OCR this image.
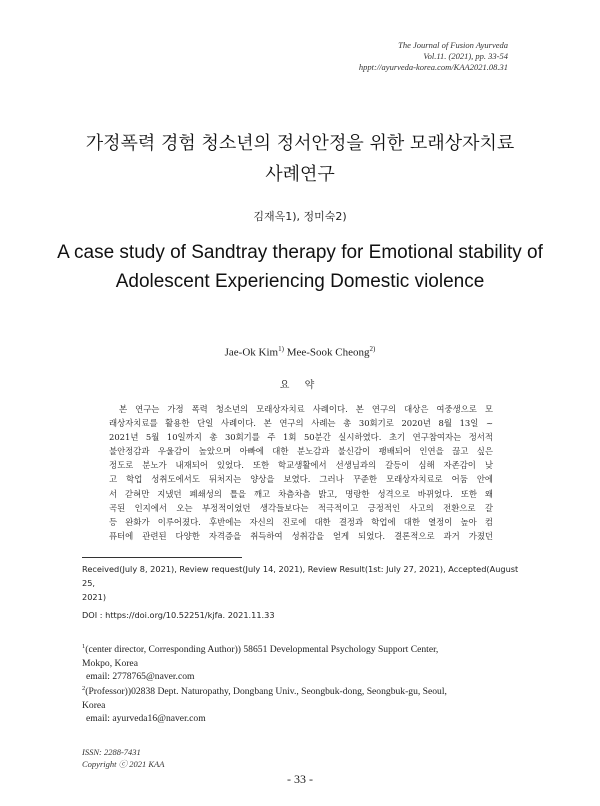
The Journal of Fusion Ayurveda
Vol.11. (2021), pp. 33-54
hppt://ayurveda-korea.com/KAA2021.08.31
가정폭력 경험 청소년의 정서안정을 위한 모래상자치료
사례연구
김재옥1), 정미숙2)
A case study of Sandtray therapy for Emotional stability of
Adolescent Experiencing Domestic violence
Jae-Ok Kim$^{1)}$ Mee-Sook Cheong$^{2)}$
요 약
본 연구는 가정 폭력 청소년의 모래상자치료 사례이다. 본 연구의 대상은 여중생으로 모
래상자치료를 활용한 단일 사례이다. 본 연구의 사례는 총 30회기로 2020년 8월 13일 ~
2021년 5월 10일까지 총 30회기를 주 1회 50분간 실시하였다. 초기 연구참여자는 정서적
불안정감과 우울감이 높았으며 아빠에 대한 분노감과 불신감이 팽배되어 인연을 끊고 싶은
정도로 분노가 내재되어 있었다. 또한 학교생활에서 선생님과의 갈등이 심해 자존감이 낮
고 학업 성취도에서도 뒤처지는 양상을 보였다. 그러나 꾸준한 모래상자치료로 어둠 안에
서 갇혀만 지냈던 폐쇄성의 틀을 깨고 차츰차츰 밝고, 명랑한 성격으로 바뀌었다. 또한 왜
곡된 인지에서 오는 부정적이었던 생각들보다는 적극적이고 긍정적인 사고의 전환으로 갈
등 완화가 이루어졌다. 후반에는 자신의 진로에 대한 결정과 학업에 대한 열정이 높아 컴
퓨터에 관련된 다양한 자격증을 취득하여 성취감을 얻게 되었다. 결론적으로 과거 가졌던
Received(July 8, 2021), Review request(July 14, 2021), Review Result(1st: July 27, 2021), Accepted(August 25,
2021)
DOI : https://doi.org/10.52251/kjfa. 2021.11.33
$^1$(center director, Corresponding Author)) 58651 Developmental Psychology Support Center,
Mokpo, Korea
email: 2778765@naver.com
$^2$(Professor))02838 Dept. Naturopathy, Dongbang Univ., Seongbuk-dong, Seongbuk-gu, Seoul,
Korea
email: ayurveda16@naver.com
ISSN: 2288-7431
Copyright ⓒ 2021 KAA
- 33 -
